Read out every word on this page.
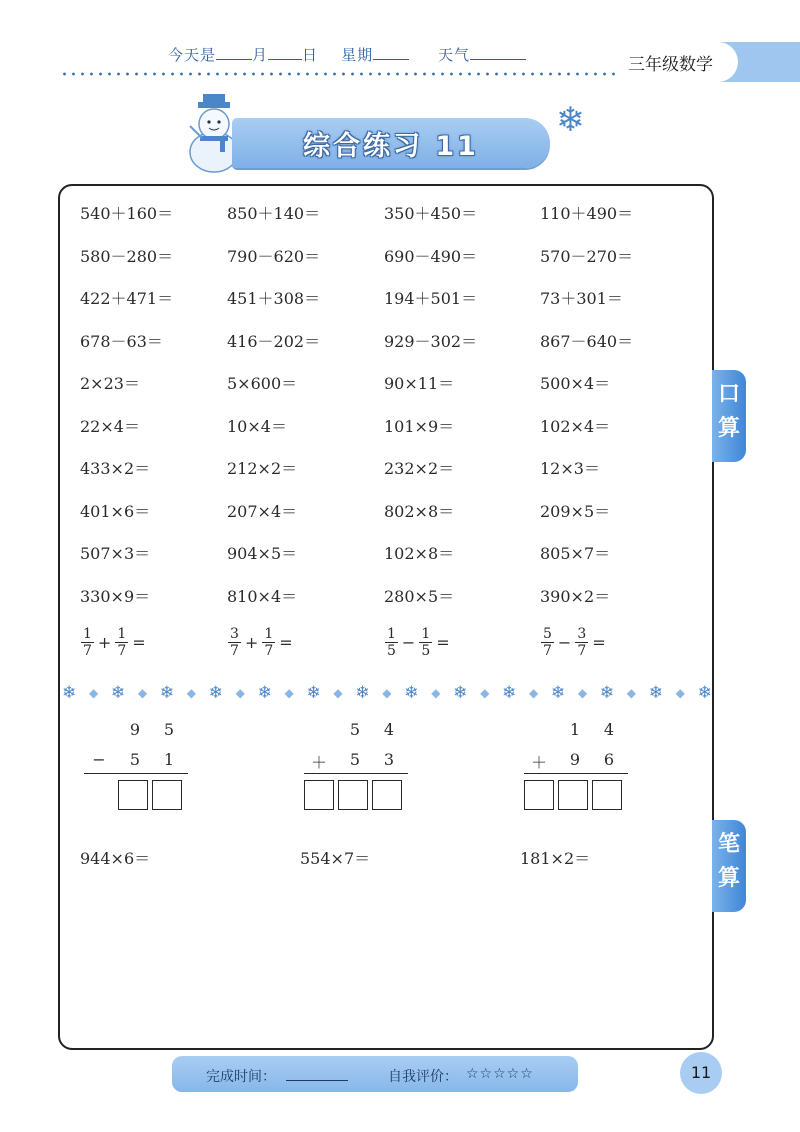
今天是 月 日 星期	天气	三年级数学
综合练习 11
❄
口
算
笔
算
540＋160＝	850＋140＝	350＋450＝	110＋490＝
580－280＝	790－620＝	690－490＝	570－270＝
422＋471＝	451＋308＝	194＋501＝	73＋301＝
678－63＝	416－202＝	929－302＝	867－640＝
2×23＝	5×600＝	90×11＝	500×4＝
22×4＝	10×4＝	101×9＝	102×4＝
433×2＝	212×2＝	232×2＝	12×3＝
401×6＝	207×4＝	802×8＝	209×5＝
507×3＝	904×5＝	102×8＝	805×7＝
330×9＝	810×4＝	280×5＝	390×2＝
$\frac{1}{7} + \frac{1}{7}$ =	$\frac{3}{7} + \frac{1}{7}$ =	$\frac{1}{5} - \frac{1}{5}$ =	$\frac{5}{7} - \frac{3}{7}$ =
❄ ◆ ❄ ◆ ❄ ◆ ❄ ◆ ❄ ◆ ❄ ◆ ❄ ◆ ❄ ◆ ❄ ◆ ❄ ◆ ❄ ◆ ❄ ◆ ❄ ◆ ❄
9	5
−	5	1
5	4
＋	5	3
1	4
＋	9	6
944×6＝	554×7＝	181×2＝
完成时间：	自我评价： ☆☆☆☆☆	11
